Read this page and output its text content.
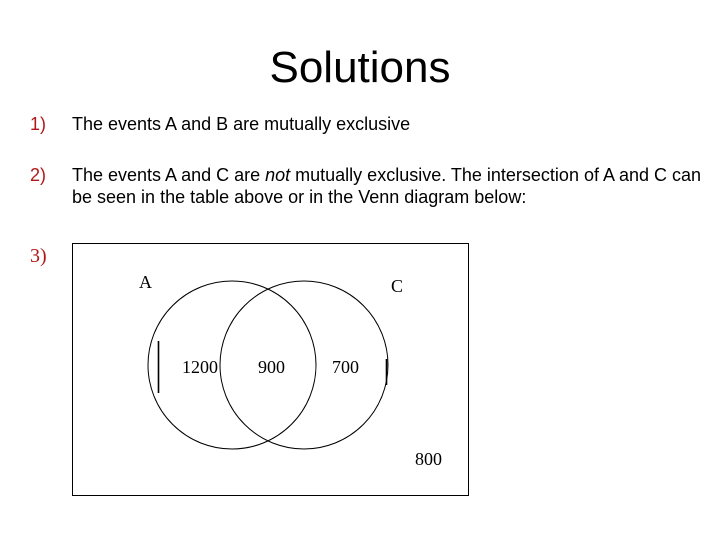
Solutions
1) The events A and B are mutually exclusive
2) The events A and C are not mutually exclusive. The intersection of A and C can be seen in the table above or in the Venn diagram below:
3)
A	C
1200 900	700
800
